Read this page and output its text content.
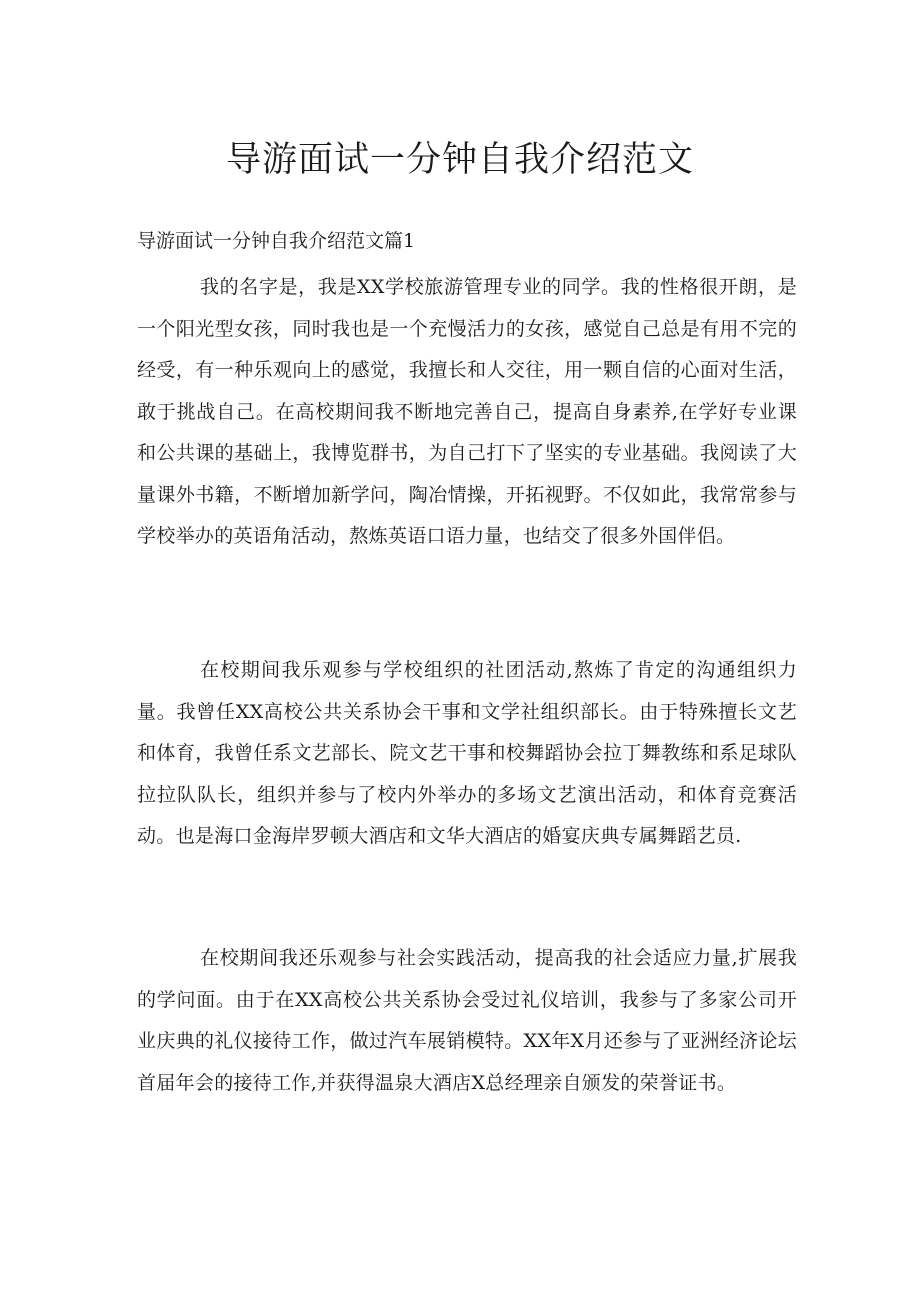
导游面试一分钟自我介绍范文

导游面试一分钟自我介绍范文篇1

我的名字是，我是XX学校旅游管理专业的同学。我的性格很开朗，是一个阳光型女孩，同时我也是一个充慢活力的女孩，感觉自己总是有用不完的经受，有一种乐观向上的感觉，我擅长和人交往，用一颗自信的心面对生活，敢于挑战自己。在高校期间我不断地完善自己，提高自身素养,在学好专业课和公共课的基础上，我博览群书，为自己打下了坚实的专业基础。我阅读了大量课外书籍，不断增加新学问，陶冶情操，开拓视野。不仅如此，我常常参与学校举办的英语角活动，熬炼英语口语力量，也结交了很多外国伴侣。

在校期间我乐观参与学校组织的社团活动,熬炼了肯定的沟通组织力量。我曾任XX高校公共关系协会干事和文学社组织部长。由于特殊擅长文艺和体育，我曾任系文艺部长、院文艺干事和校舞蹈协会拉丁舞教练和系足球队拉拉队队长，组织并参与了校内外举办的多场文艺演出活动，和体育竞赛活动。也是海口金海岸罗顿大酒店和文华大酒店的婚宴庆典专属舞蹈艺员.

在校期间我还乐观参与社会实践活动，提高我的社会适应力量,扩展我的学问面。由于在XX高校公共关系协会受过礼仪培训，我参与了多家公司开业庆典的礼仪接待工作，做过汽车展销模特。XX年X月还参与了亚洲经济论坛首届年会的接待工作,并获得温泉大酒店X总经理亲自颁发的荣誉证书。
